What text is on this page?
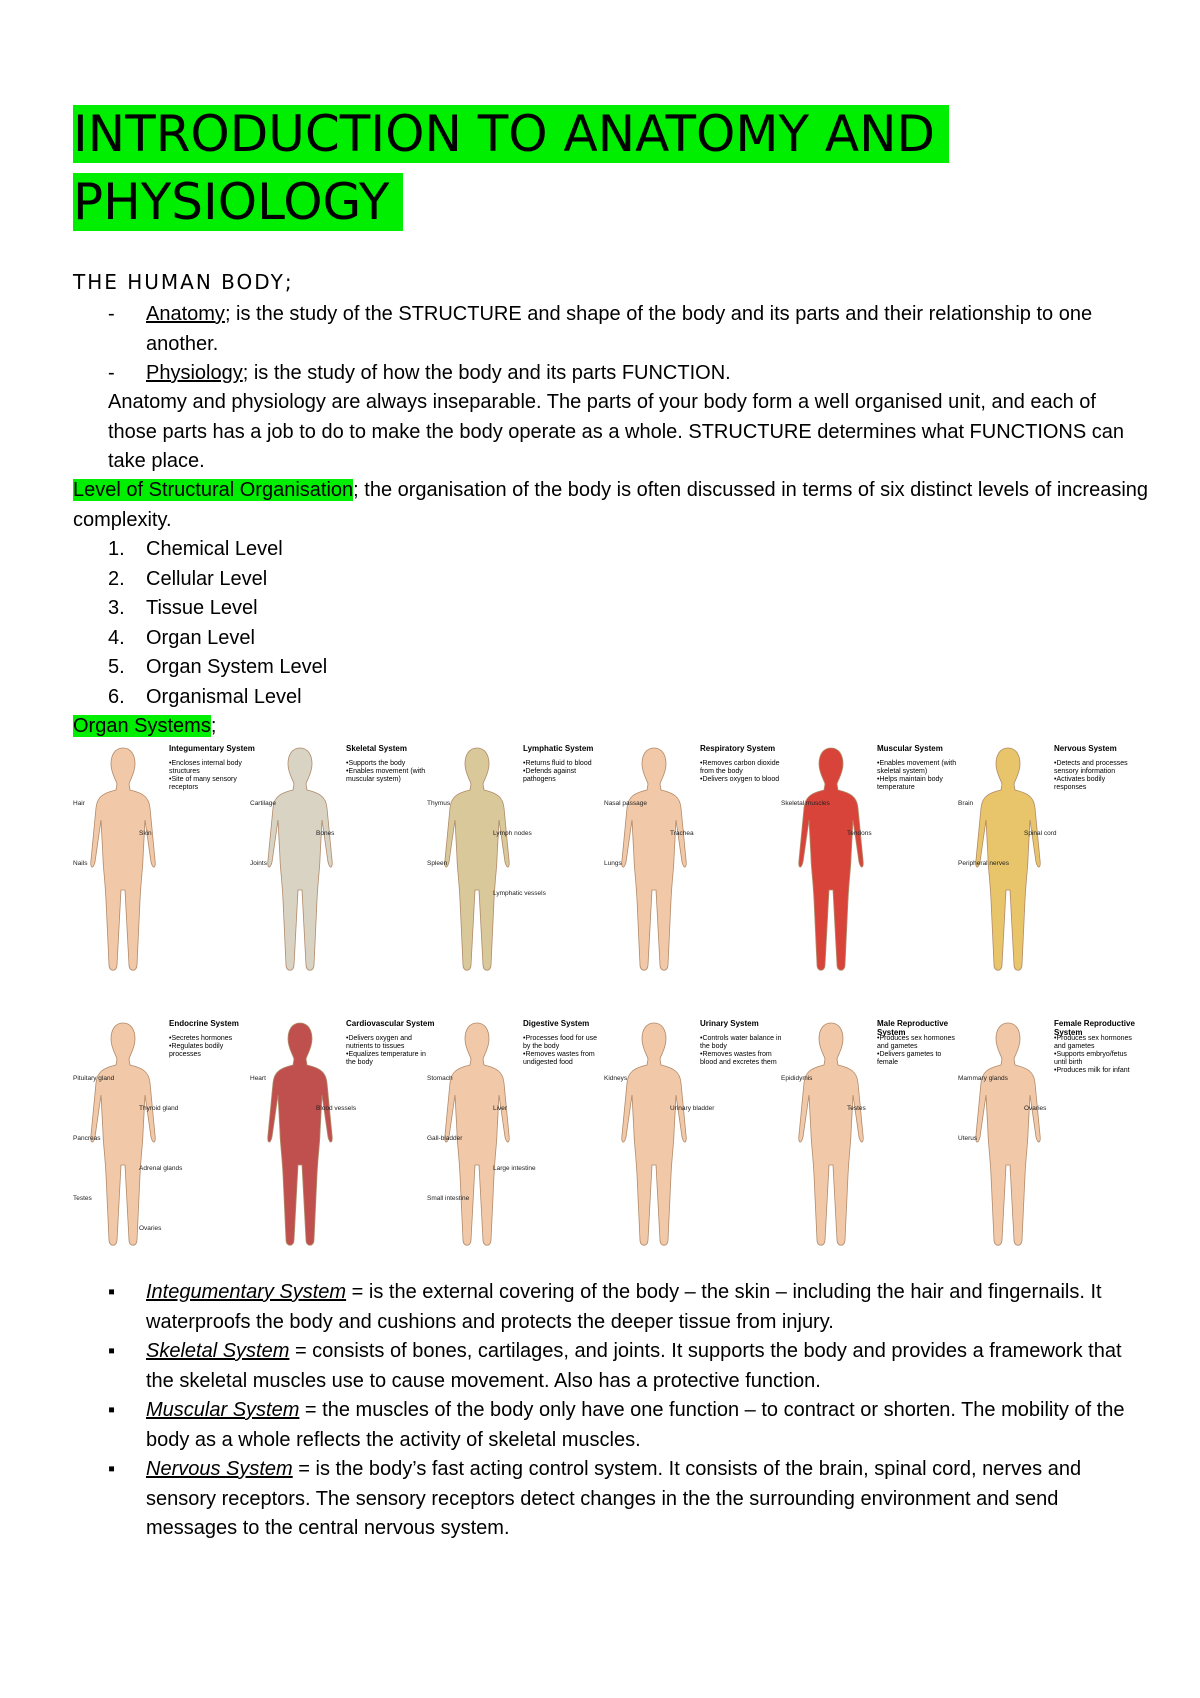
INTRODUCTION TO ANATOMY AND
PHYSIOLOGY
THE HUMAN BODY;
- Anatomy; is the study of the STRUCTURE and shape of the body and its parts and their relationship to one another.
- Physiology; is the study of how the body and its parts FUNCTION.

Anatomy and physiology are always inseparable. The parts of your body form a well organised unit, and each of those parts has a job to do to make the body operate as a whole. STRUCTURE determines what FUNCTIONS can take place.

Level of Structural Organisation; the organisation of the body is often discussed in terms of six distinct levels of increasing complexity.

1. Chemical Level
2. Cellular Level
3. Tissue Level
4. Organ Level
5. Organ System Level
6. Organismal Level

Organ Systems;

Integumentary System
• Encloses internal body structures
• Site of many sensory receptors
Hair
Skin
Nails
Skeletal System
• Supports the body
• Enables movement (with muscular system)
Cartilage
Bones
Joints
Lymphatic System
• Returns fluid to blood
• Defends against pathogens
Thymus
Lymph nodes
Spleen
Lymphatic vessels
Respiratory System
• Removes carbon dioxide from the body
• Delivers oxygen to blood
Nasal passage
Trachea
Lungs
Muscular System
• Enables movement (with skeletal system)
• Helps maintain body temperature
Skeletal muscles
Tendons
Nervous System
• Detects and processes sensory information
• Activates bodily responses
Brain
Spinal cord
Peripheral nerves
Endocrine System
• Secretes hormones
• Regulates bodily processes
Pituitary gland
Thyroid gland
Pancreas
Adrenal glands
Testes
Ovaries
Cardiovascular System
• Delivers oxygen and nutrients to tissues
• Equalizes temperature in the body
Heart
Blood vessels
Digestive System
• Processes food for use by the body
• Removes wastes from undigested food
Stomach
Liver
Gall-bladder
Large intestine
Small intestine
Urinary System
• Controls water balance in the body
• Removes wastes from blood and excretes them
Kidneys
Urinary bladder
Male Reproductive System
• Produces sex hormones and gametes
• Delivers gametes to female
Epididymis
Testes
Female Reproductive System
• Produces sex hormones and gametes
• Supports embryo/fetus until birth
• Produces milk for infant
Mammary glands
Ovaries
Uterus
▪ Integumentary System = is the external covering of the body – the skin – including the hair and fingernails. It waterproofs the body and cushions and protects the deeper tissue from injury.
▪ Skeletal System = consists of bones, cartilages, and joints. It supports the body and provides a framework that the skeletal muscles use to cause movement. Also has a protective function.
▪ Muscular System = the muscles of the body only have one function – to contract or shorten. The mobility of the body as a whole reflects the activity of skeletal muscles.
▪ Nervous System = is the body’s fast acting control system. It consists of the brain, spinal cord, nerves and sensory receptors. The sensory receptors detect changes in the the surrounding environment and send messages to the central nervous system.
